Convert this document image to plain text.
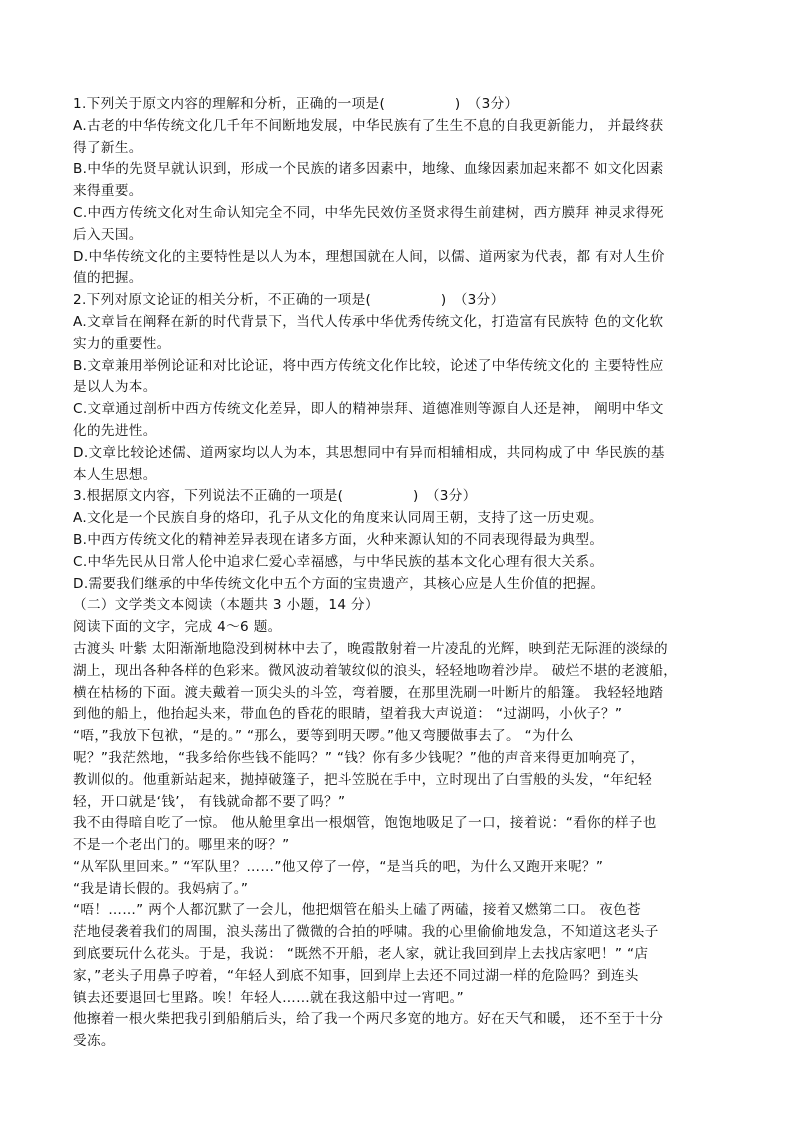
1.下列关于原文内容的理解和分析，正确的一项是(　　　　　)　（3分）
A.古老的中华传统文化几千年不间断地发展，中华民族有了生生不息的自我更新能力， 并最终获
得了新生。
B.中华的先贤早就认识到，形成一个民族的诸多因素中，地缘、血缘因素加起来都不 如文化因素
来得重要。
C.中西方传统文化对生命认知完全不同，中华先民效仿圣贤求得生前建树，西方膜拜 神灵求得死
后入天国。
D.中华传统文化的主要特性是以人为本，理想国就在人间，以儒、道两家为代表，都 有对人生价
值的把握。
2.下列对原文论证的相关分析，不正确的一项是(　　　　　)　（3分）
A.文章旨在阐释在新的时代背景下，当代人传承中华优秀传统文化，打造富有民族特 色的文化软
实力的重要性。
B.文章兼用举例论证和对比论证，将中西方传统文化作比较，论述了中华传统文化的 主要特性应
是以人为本。
C.文章通过剖析中西方传统文化差异，即人的精神崇拜、道德准则等源自人还是神， 阐明中华文
化的先进性。
D.文章比较论述儒、道两家均以人为本，其思想同中有异而相辅相成，共同构成了中 华民族的基
本人生思想。
3.根据原文内容，下列说法不正确的一项是(　　　　　)　（3分）
A.文化是一个民族自身的烙印，孔子从文化的角度来认同周王朝，支持了这一历史观。
B.中西方传统文化的精神差异表现在诸多方面，火种来源认知的不同表现得最为典型。
C.中华先民从日常人伦中追求仁爱心幸福感，与中华民族的基本文化心理有很大关系。
D.需要我们继承的中华传统文化中五个方面的宝贵遗产，其核心应是人生价值的把握。
（二）文学类文本阅读（本题共 3 小题，14 分）
阅读下面的文字，完成 4～6 题。
古渡头 叶紫 太阳渐渐地隐没到树林中去了，晚霞散射着一片凌乱的光辉，映到茫无际涯的淡绿的
湖上，现出各种各样的色彩来。微风波动着皱纹似的浪头，轻轻地吻着沙岸。 破烂不堪的老渡船，
横在枯杨的下面。渡夫戴着一顶尖头的斗笠，弯着腰，在那里洗刷一叶断片的船篷。 我轻轻地踏
到他的船上，他抬起头来，带血色的昏花的眼睛，望着我大声说道： “过湖吗，小伙子？”
“唔，”我放下包袱，“是的。” “那么，要等到明天啰。”他又弯腰做事去了。 “为什么
呢？”我茫然地，“我多给你些钱不能吗？” “钱？你有多少钱呢？”他的声音来得更加响亮了，
教训似的。他重新站起来，抛掉破篷子，把斗笠脱在手中，立时现出了白雪般的头发，“年纪轻
轻，开口就是‘钱’， 有钱就命都不要了吗？”
我不由得暗自吃了一惊。 他从舱里拿出一根烟管，饱饱地吸足了一口，接着说：“看你的样子也
不是一个老出门的。哪里来的呀？”
“从军队里回来。” “军队里？……”他又停了一停，“是当兵的吧，为什么又跑开来呢？”
“我是请长假的。我妈病了。”
“唔！……” 两个人都沉默了一会儿，他把烟管在船头上磕了两磕，接着又燃第二口。 夜色苍
茫地侵袭着我们的周围，浪头荡出了微微的合拍的呼啸。我的心里偷偷地发急，不知道这老头子
到底要玩什么花头。于是，我说： “既然不开船，老人家，就让我回到岸上去找店家吧！” “店
家，”老头子用鼻子哼着，“年轻人到底不知事，回到岸上去还不同过湖一样的危险吗？到连头
镇去还要退回七里路。唉！年轻人……就在我这船中过一宵吧。”
他擦着一根火柴把我引到船艄后头，给了我一个两尺多宽的地方。好在天气和暖， 还不至于十分
受冻。
